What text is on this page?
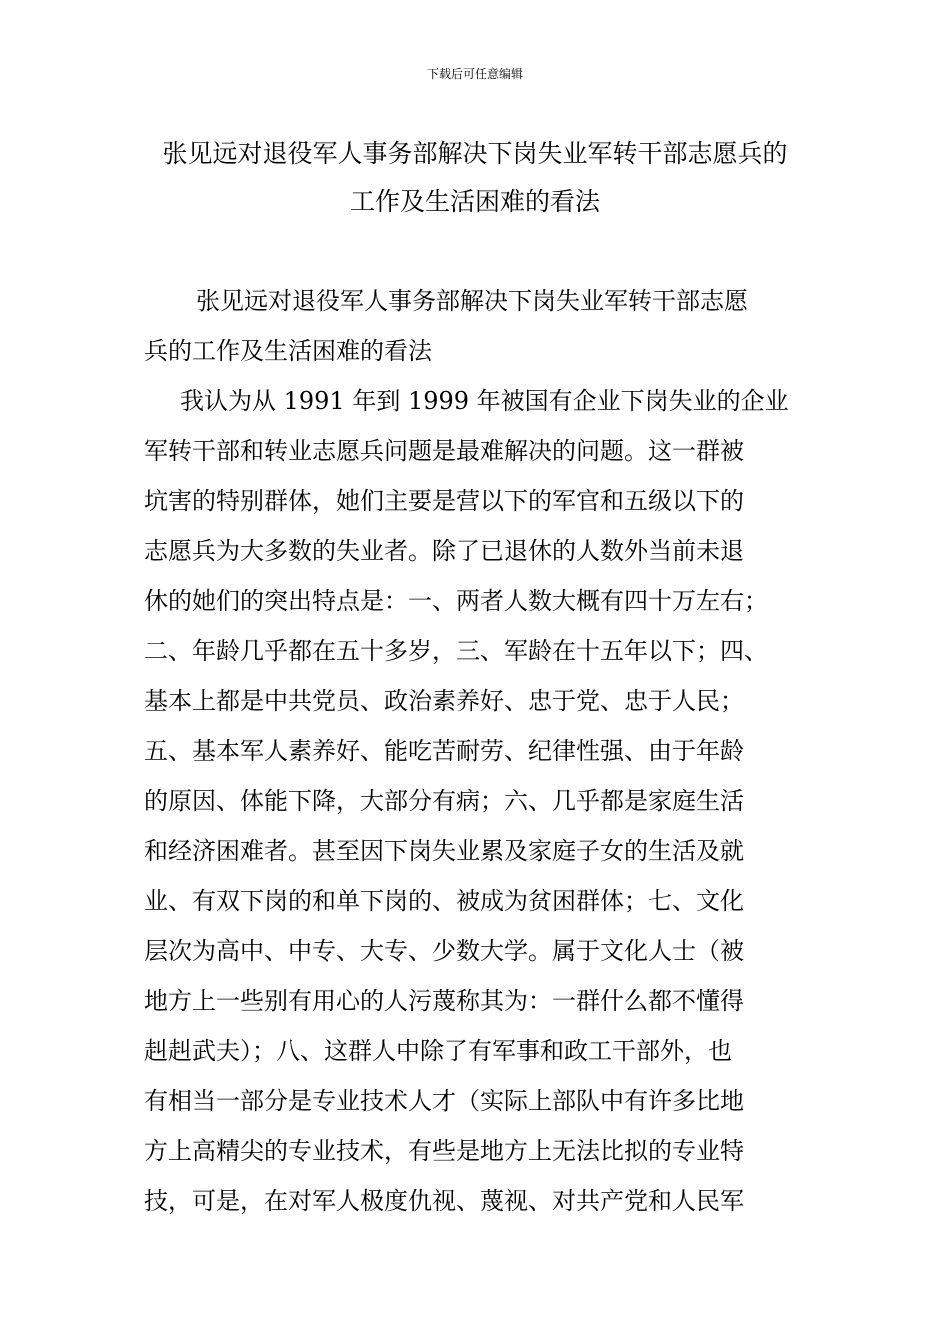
下载后可任意编辑
张见远对退役军人事务部解决下岗失业军转干部志愿兵的
工作及生活困难的看法
张见远对退役军人事务部解决下岗失业军转干部志愿
兵的工作及生活困难的看法
我认为从 1991 年到 1999 年被国有企业下岗失业的企业
军转干部和转业志愿兵问题是最难解决的问题。这一群被
坑害的特别群体，她们主要是营以下的军官和五级以下的
志愿兵为大多数的失业者。除了已退休的人数外当前未退
休的她们的突出特点是：一、两者人数大概有四十万左右；
二、年龄几乎都在五十多岁，三、军龄在十五年以下；四、
基本上都是中共党员、政治素养好、忠于党、忠于人民；
五、基本军人素养好、能吃苦耐劳、纪律性强、由于年龄
的原因、体能下降，大部分有病；六、几乎都是家庭生活
和经济困难者。甚至因下岗失业累及家庭子女的生活及就
业、有双下岗的和单下岗的、被成为贫困群体；七、文化
层次为高中、中专、大专、少数大学。属于文化人士（被
地方上一些别有用心的人污蔑称其为：一群什么都不懂得
赳赳武夫）；八、这群人中除了有军事和政工干部外，也
有相当一部分是专业技术人才（实际上部队中有许多比地
方上高精尖的专业技术，有些是地方上无法比拟的专业特
技，可是，在对军人极度仇视、蔑视、对共产党和人民军
